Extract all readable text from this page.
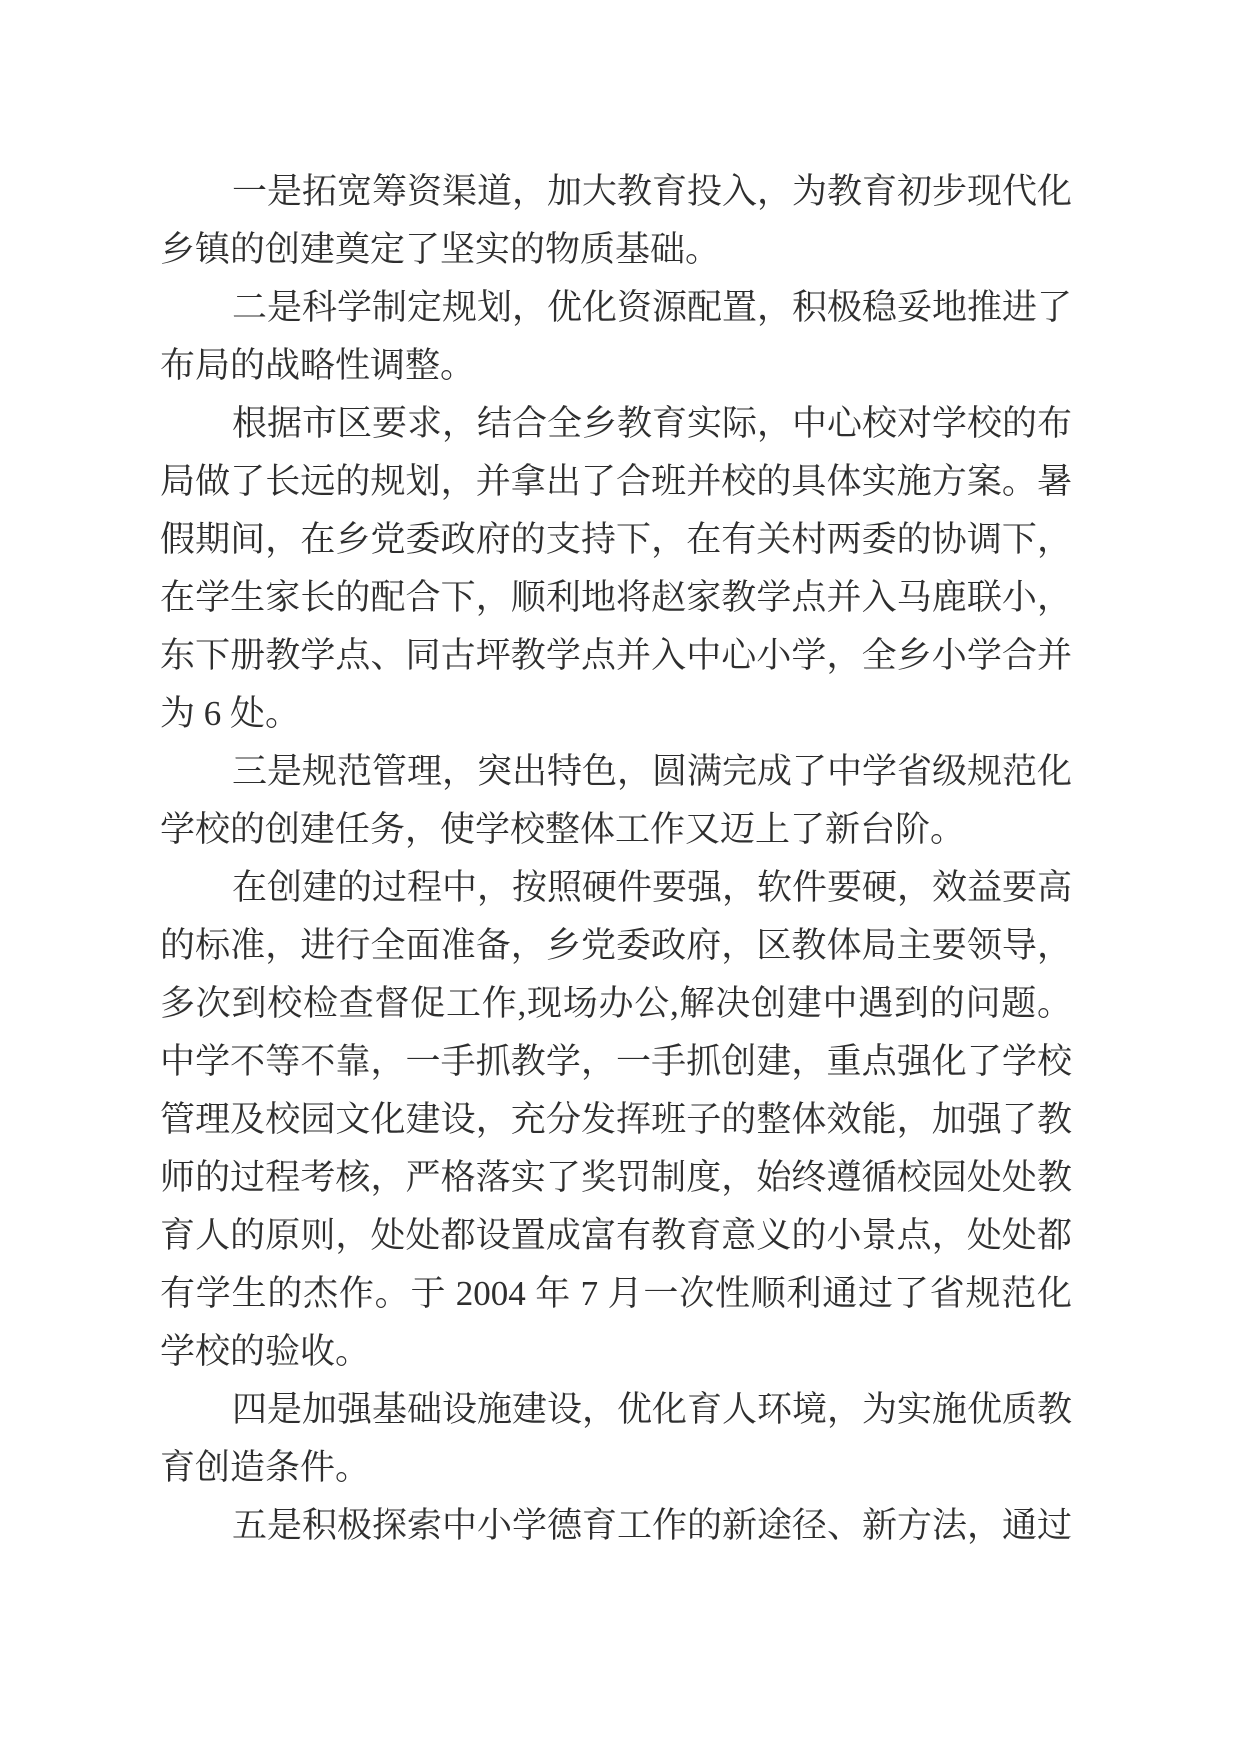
一是拓宽筹资渠道，加大教育投入，为教育初步现代化乡镇的创建奠定了坚实的物质基础。

二是科学制定规划，优化资源配置，积极稳妥地推进了布局的战略性调整。

根据市区要求，结合全乡教育实际，中心校对学校的布局做了长远的规划，并拿出了合班并校的具体实施方案。暑假期间，在乡党委政府的支持下，在有关村两委的协调下，在学生家长的配合下，顺利地将赵家教学点并入马鹿联小，东下册教学点、同古坪教学点并入中心小学，全乡小学合并为 6 处。

三是规范管理，突出特色，圆满完成了中学省级规范化学校的创建任务，使学校整体工作又迈上了新台阶。

在创建的过程中，按照硬件要强，软件要硬，效益要高的标准，进行全面准备，乡党委政府，区教体局主要领导，多次到校检查督促工作,现场办公,解决创建中遇到的问题。中学不等不靠，一手抓教学，一手抓创建，重点强化了学校管理及校园文化建设，充分发挥班子的整体效能，加强了教师的过程考核，严格落实了奖罚制度，始终遵循校园处处教育人的原则，处处都设置成富有教育意义的小景点，处处都有学生的杰作。于 2004 年 7 月一次性顺利通过了省规范化学校的验收。

四是加强基础设施建设，优化育人环境，为实施优质教育创造条件。

五是积极探索中小学德育工作的新途径、新方法，通过
